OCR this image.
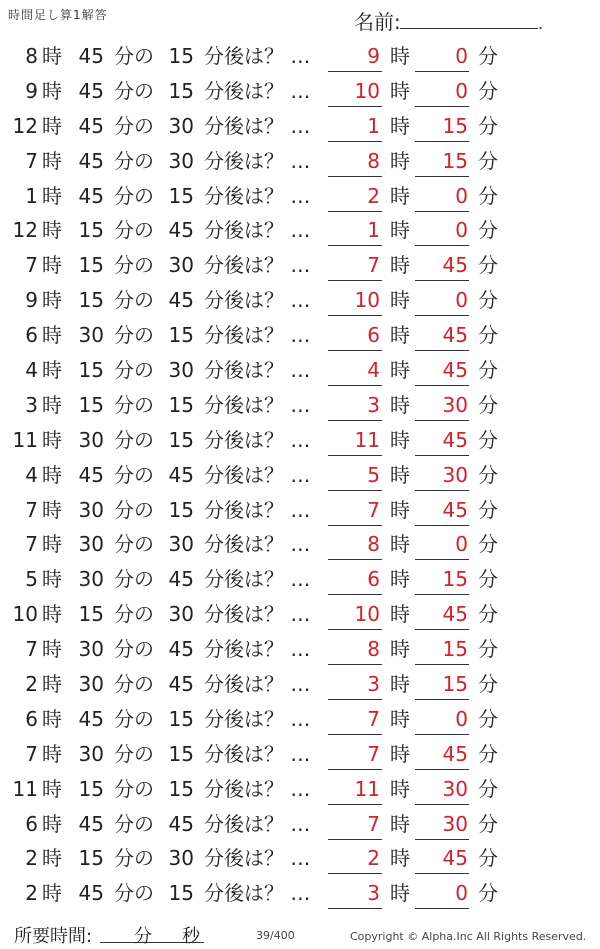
時間足し算1解答	名前:	.
8 時 45 分の 15 分後は？ …	9 時	0 分
9 時 45 分の 15 分後は？ …	10 時	0 分
12 時 45 分の 30 分後は？ …	1 時	15 分
7 時 45 分の 30 分後は？ …	8 時	15 分
1 時 45 分の 15 分後は？ …	2 時	0 分
12 時 15 分の 45 分後は？ …	1 時	0 分
7 時 15 分の 30 分後は？ …	7 時	45 分
9 時 15 分の 45 分後は？ …	10 時	0 分
6 時 30 分の 15 分後は？ …	6 時	45 分
4 時 15 分の 30 分後は？ …	4 時	45 分
3 時 15 分の 15 分後は？ …	3 時	30 分
11 時 30 分の 15 分後は？ …	11 時	45 分
4 時 45 分の 45 分後は？ …	5 時	30 分
7 時 30 分の 15 分後は？ …	7 時	45 分
7 時 30 分の 30 分後は？ …	8 時	0 分
5 時 30 分の 45 分後は？ …	6 時	15 分
10 時 15 分の 30 分後は？ …	10 時	45 分
7 時 30 分の 45 分後は？ …	8 時	15 分
2 時 30 分の 45 分後は？ …	3 時	15 分
6 時 45 分の 15 分後は？ …	7 時	0 分
7 時 30 分の 15 分後は？ …	7 時	45 分
11 時 15 分の 15 分後は？ …	11 時	30 分
6 時 45 分の 45 分後は？ …	7 時	30 分
2 時 15 分の 30 分後は？ …	2 時	45 分
2 時 45 分の 15 分後は？ …	3 時	0 分
所要時間: 分 秒	39/400	Copyright © Alpha.Inc All Rights Reserved.
